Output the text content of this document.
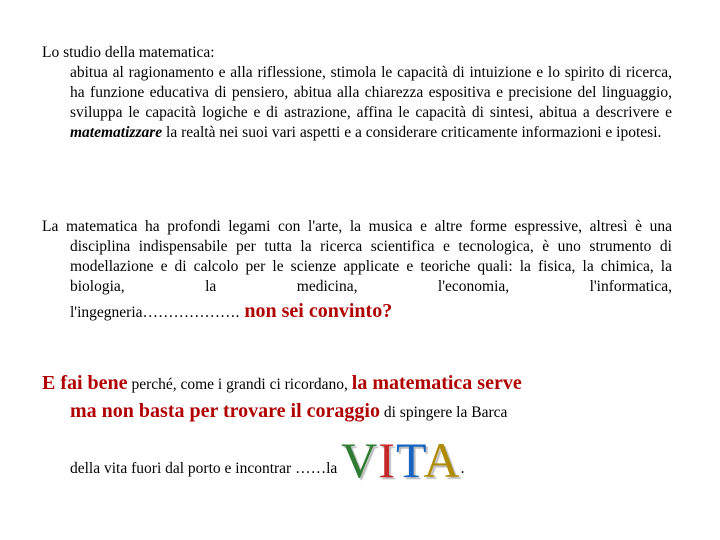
Lo studio della matematica:
abitua al ragionamento e alla riflessione, stimola le capacità di intuizione e lo spirito di ricerca, ha funzione educativa di pensiero, abitua alla chiarezza espositiva e precisione del linguaggio, sviluppa le capacità logiche e di astrazione, affina le capacità di sintesi, abitua a descrivere e matematizzare la realtà nei suoi vari aspetti e a considerare criticamente informazioni e ipotesi.
La matematica ha profondi legami con l'arte, la musica e altre forme espressive, altresì è una disciplina indispensabile per tutta la ricerca scientifica e tecnologica, è uno strumento di modellazione e di calcolo per le scienze applicate e teoriche quali: la fisica, la chimica, la biologia, la medicina, l'economia, l'informatica,
l'ingegneria………………. non sei convinto?
E fai bene perché, come i grandi ci ricordano, la matematica serve
ma non basta per trovare il coraggio di spingere la Barca
della vita fuori dal porto e incontrar ……la VITA.
